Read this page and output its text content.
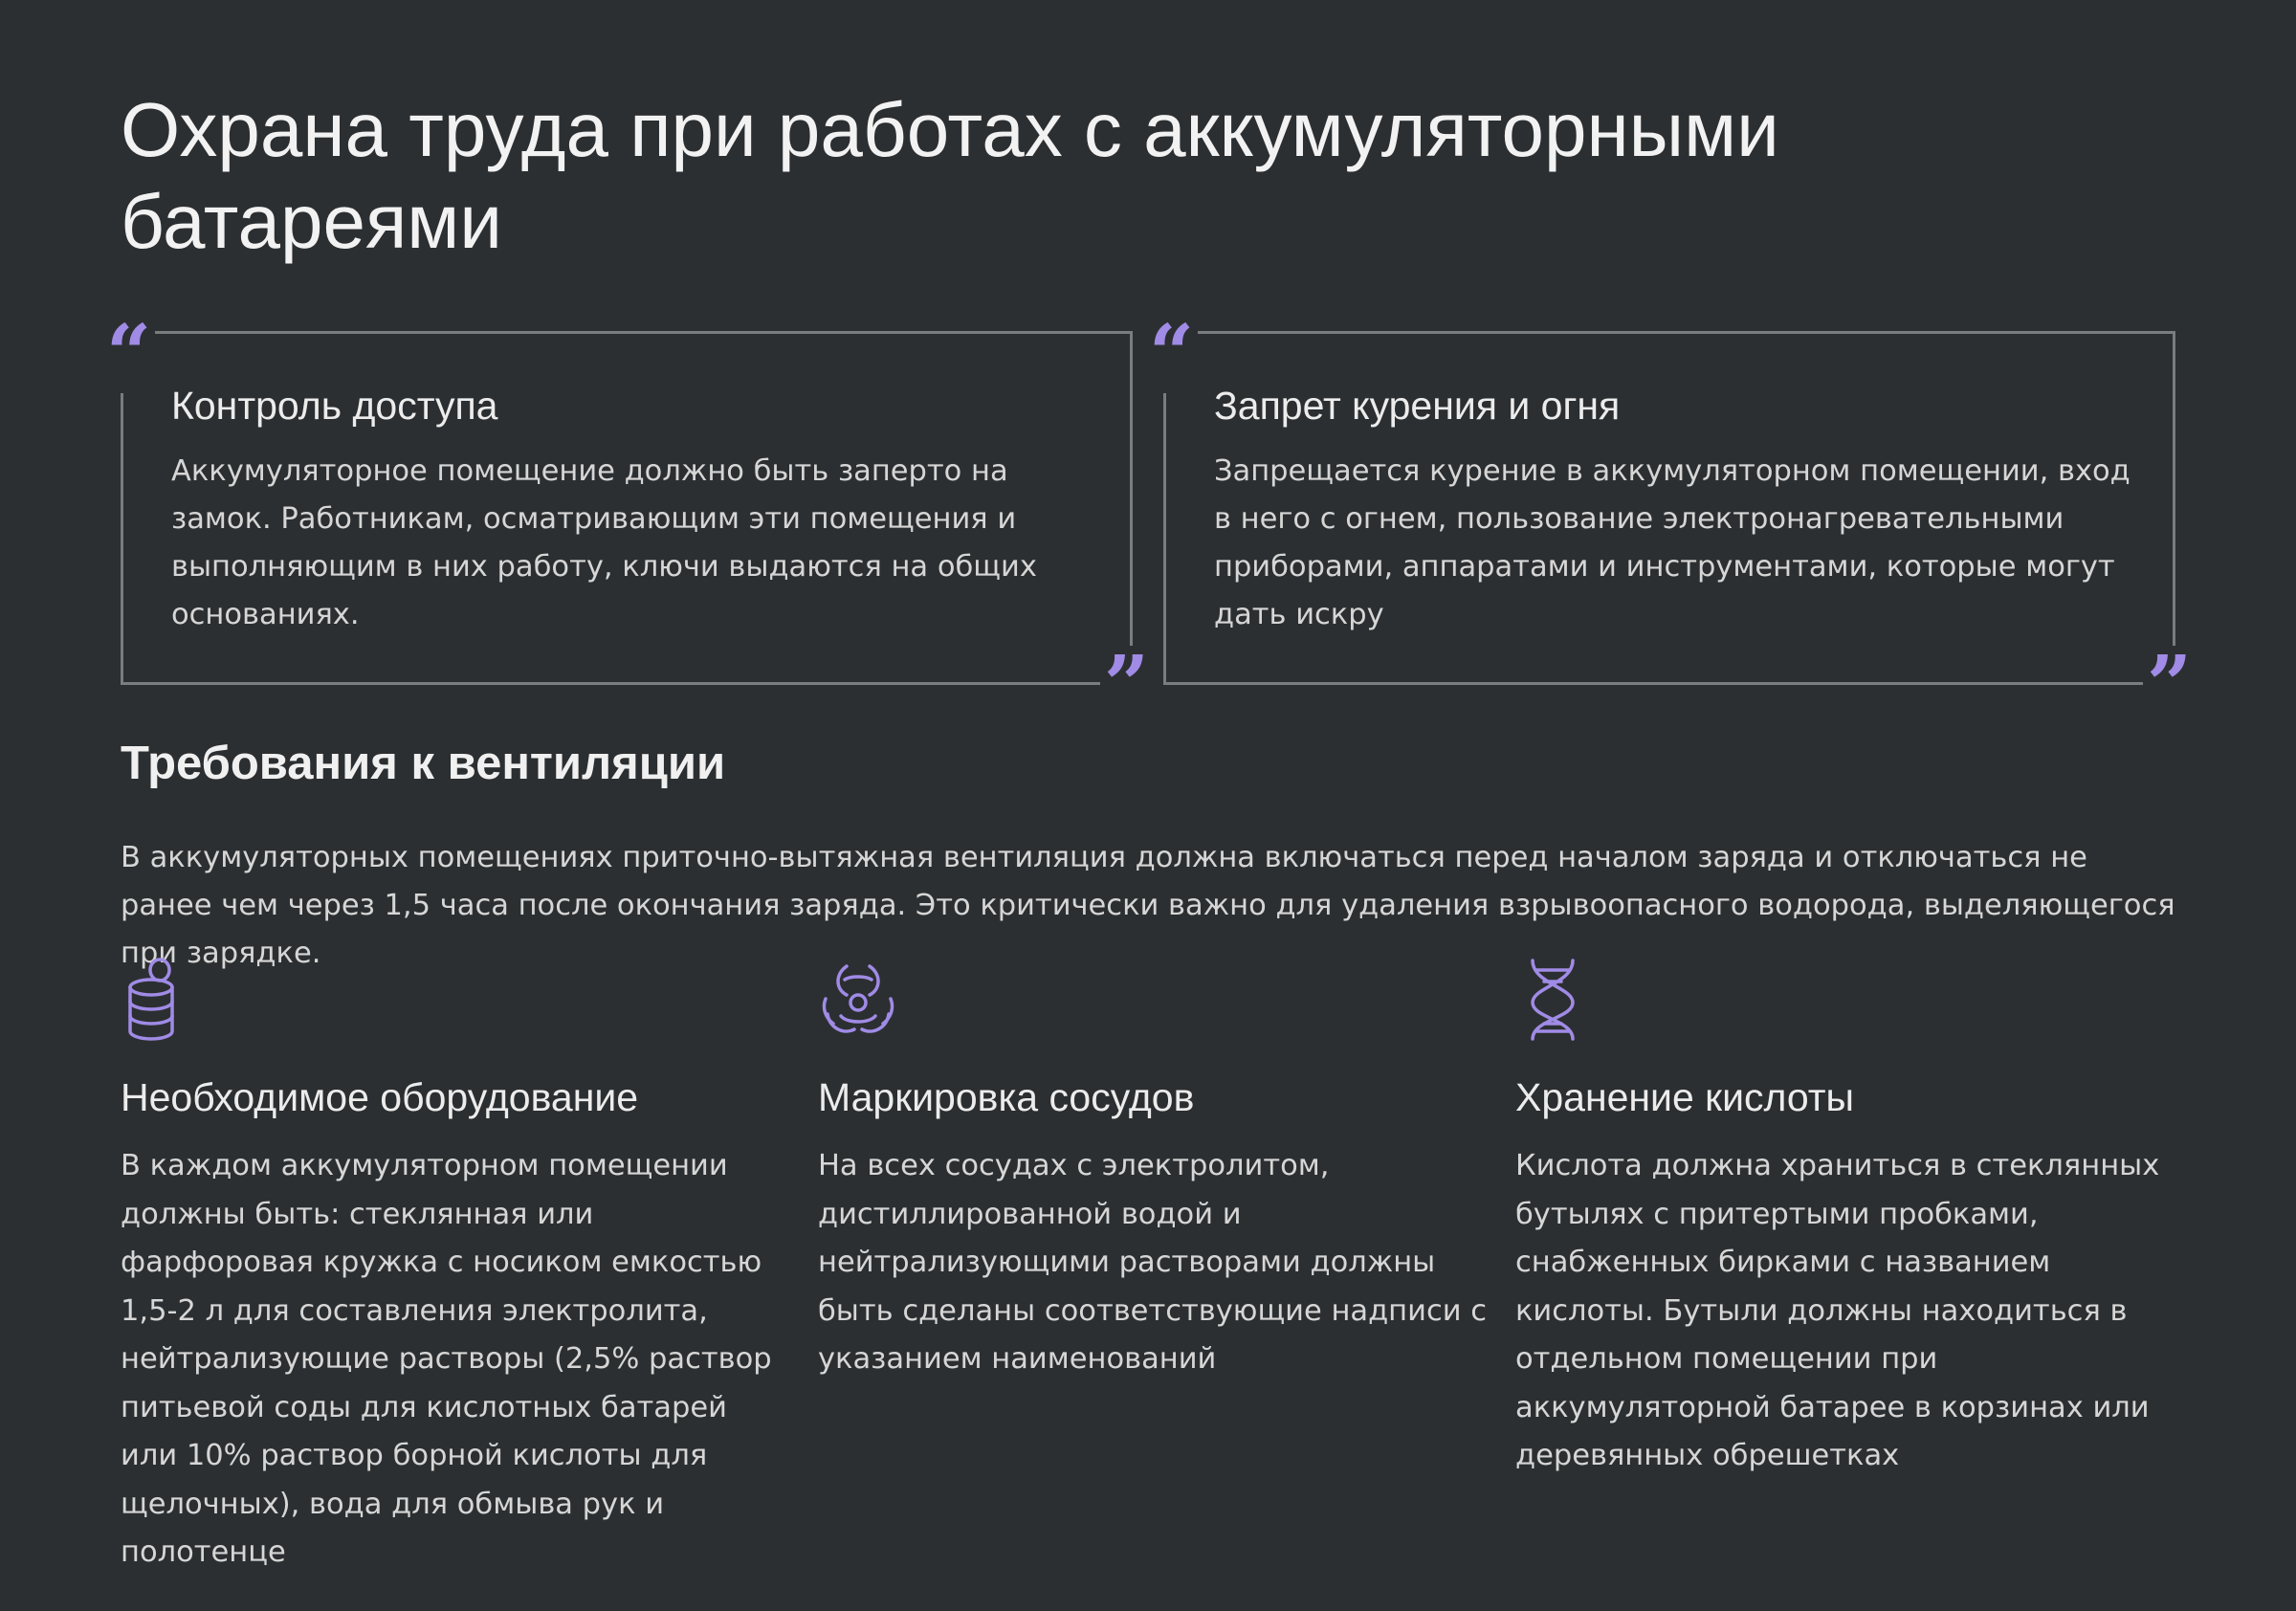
Охрана труда при работах с аккумуляторными батареями
“
Контроль доступа
Аккумуляторное помещение должно быть заперто на замок. Работникам, осматривающим эти помещения и выполняющим в них работу, ключи выдаются на общих основаниях.
”
“
Запрет курения и огня
Запрещается курение в аккумуляторном помещении, вход в него с огнем, пользование электронагревательными приборами, аппаратами и инструментами, которые могут дать искру
”
Требования к вентиляции

В аккумуляторных помещениях приточно-вытяжная вентиляция должна включаться перед началом заряда и отключаться не ранее чем через 1,5 часа после окончания заряда. Это критически важно для удаления взрывоопасного водорода, выделяющегося при зарядке.

Необходимое оборудование
В каждом аккумуляторном помещении должны быть: стеклянная или фарфоровая кружка с носиком емкостью 1,5-2 л для составления электролита, нейтрализующие растворы (2,5% раствор питьевой соды для кислотных батарей или 10% раствор борной кислоты для щелочных), вода для обмыва рук и полотенце
Маркировка сосудов
На всех сосудах с электролитом, дистиллированной водой и нейтрализующими растворами должны быть сделаны соответствующие надписи с указанием наименований
Хранение кислоты
Кислота должна храниться в стеклянных бутылях с притертыми пробками, снабженных бирками с названием кислоты. Бутыли должны находиться в отдельном помещении при аккумуляторной батарее в корзинах или деревянных обрешетках
